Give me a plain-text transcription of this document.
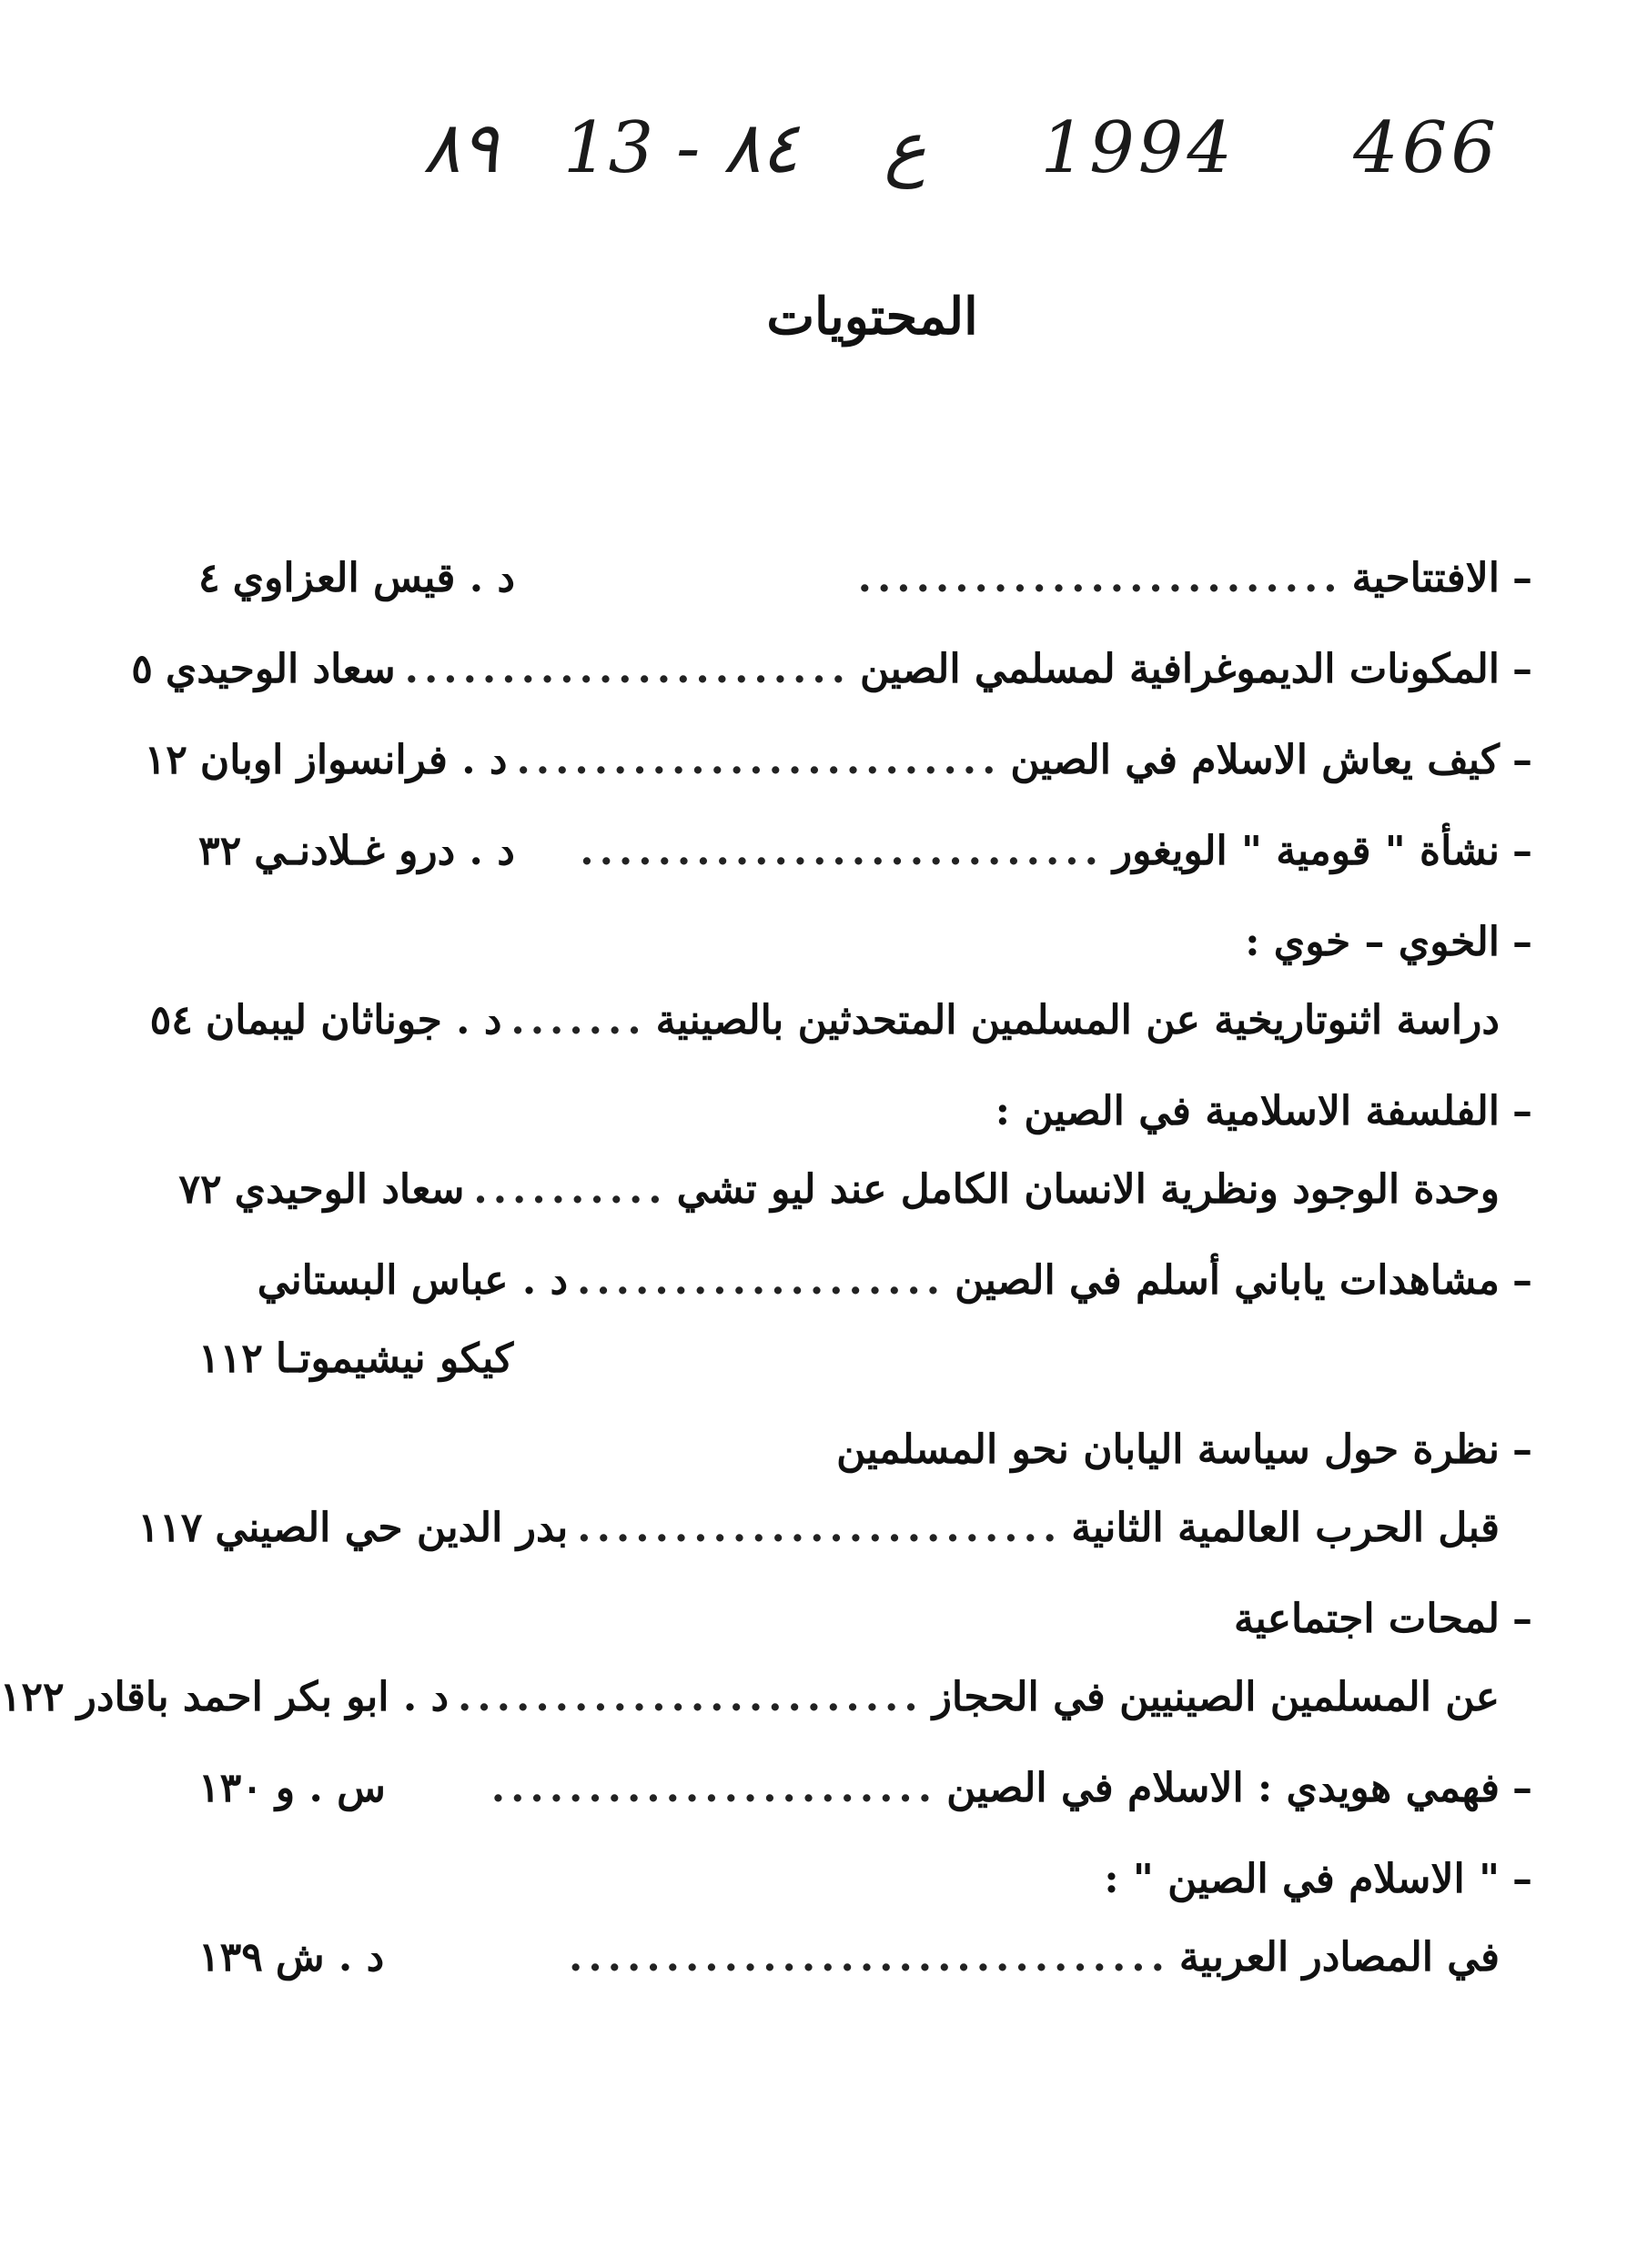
466
1994
ع
13 - ٨٤
٨٩
المحتويات
–
الافتتاحية
.........................
د . قيس العزاوي
٤
–
المكونات الديموغرافية لمسلمي الصين
.......................
سعاد الوحيدي
٥
–
كيف يعاش الاسلام في الصين
.........................
د . فرانسواز اوبان
١٢
–
نشأة " قومية " الويغور
...........................
د . درو غـلادنـي
٣٢
–
الخوي – خوي :
دراسة اثنوتاريخية عن المسلمين المتحدثين بالصينية
.......
د . جوناثان ليبمان
٥٤
–
الفلسفة الاسلامية في الصين :
وحدة الوجود ونظرية الانسان الكامل عند ليو تشي
..........
سعاد الوحيدي
٧٢
–
مشاهدات ياباني أسلم في الصين
...................
د . عباس البستاني
كيكو نيشيموتـا
١١٢
–
نظرة حول سياسة اليابان نحو المسلمين
قبل الحرب العالمية الثانية
.........................
بدر الدين حي الصيني
١١٧
–
لمحات اجتماعية
عن المسلمين الصينيين في الحجاز
........................
د . ابو بكر احمد باقادر
١٢٢
–
فهمي هويدي : الاسلام في الصين
.......................
س . و
١٣٠
–
" الاسلام في الصين " :
في المصادر العربية
...............................
د . ش
١٣٩
